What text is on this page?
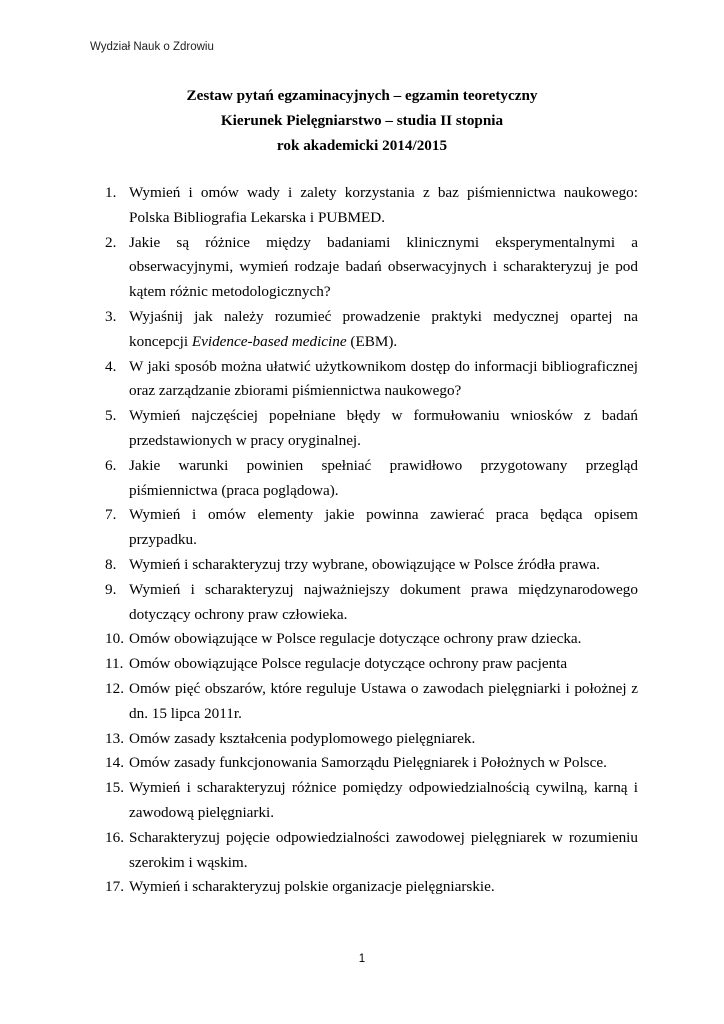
Wydział Nauk o Zdrowiu
Zestaw pytań egzaminacyjnych – egzamin teoretyczny
Kierunek Pielęgniarstwo – studia II stopnia
rok akademicki 2014/2015
1. Wymień i omów wady i zalety korzystania z baz piśmiennictwa naukowego: Polska Bibliografia Lekarska i PUBMED.
2. Jakie są różnice między badaniami klinicznymi eksperymentalnymi a obserwacyjnymi, wymień rodzaje badań obserwacyjnych i scharakteryzuj je pod kątem różnic metodologicznych?
3. Wyjaśnij jak należy rozumieć prowadzenie praktyki medycznej opartej na koncepcji Evidence-based medicine (EBM).
4. W jaki sposób można ułatwić użytkownikom dostęp do informacji bibliograficznej oraz zarządzanie zbiorami piśmiennictwa naukowego?
5. Wymień najczęściej popełniane błędy w formułowaniu wniosków z badań przedstawionych w pracy oryginalnej.
6. Jakie warunki powinien spełniać prawidłowo przygotowany przegląd piśmiennictwa (praca poglądowa).
7. Wymień i omów elementy jakie powinna zawierać praca będąca opisem przypadku.
8. Wymień i scharakteryzuj trzy wybrane, obowiązujące w Polsce źródła prawa.
9. Wymień i scharakteryzuj najważniejszy dokument prawa międzynarodowego dotyczący ochrony praw człowieka.
10. Omów obowiązujące w Polsce regulacje dotyczące ochrony praw dziecka.
11. Omów obowiązujące Polsce regulacje dotyczące ochrony praw pacjenta
12. Omów pięć obszarów, które reguluje Ustawa o zawodach pielęgniarki i położnej z dn. 15 lipca 2011r.
13. Omów zasady kształcenia podyplomowego pielęgniarek.
14. Omów zasady funkcjonowania Samorządu Pielęgniarek i Położnych w Polsce.
15. Wymień i scharakteryzuj różnice pomiędzy odpowiedzialnością cywilną, karną i zawodową pielęgniarki.
16. Scharakteryzuj pojęcie odpowiedzialności zawodowej pielęgniarek w rozumieniu szerokim i wąskim.
17. Wymień i scharakteryzuj polskie organizacje pielęgniarskie.
1
